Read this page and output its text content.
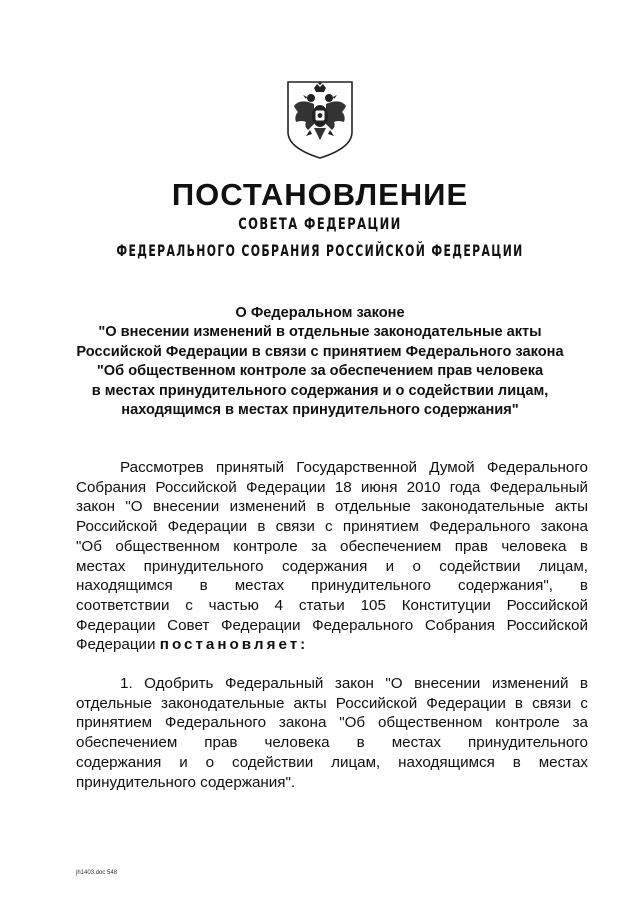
ПОСТАНОВЛЕНИЕ
СОВЕТА ФЕДЕРАЦИИ
ФЕДЕРАЛЬНОГО СОБРАНИЯ РОССИЙСКОЙ ФЕДЕРАЦИИ
О Федеральном законе
"О внесении изменений в отдельные законодательные акты
Российской Федерации в связи с принятием Федерального закона
"Об общественном контроле за обеспечением прав человека
в местах принудительного содержания и о содействии лицам,
находящимся в местах принудительного содержания"
Рассмотрев принятый Государственной Думой Федерального
Собрания Российской Федерации 18 июня 2010 года Федеральный
закон "О внесении изменений в отдельные законодательные акты
Российской Федерации в связи с принятием Федерального закона
"Об общественном контроле за обеспечением прав человека в
местах принудительного содержания и о содействии лицам,
находящимся в местах принудительного содержания", в
соответствии с частью 4 статьи 105 Конституции Российской
Федерации Совет Федерации Федерального Собрания Российской
Федерации постановляет:
1. Одобрить Федеральный закон "О внесении изменений в
отдельные законодательные акты Российской Федерации в связи с
принятием Федерального закона "Об общественном контроле за
обеспечением прав человека в местах принудительного
содержания и о содействии лицам, находящимся в местах
принудительного содержания".
jh1403.doc 548
